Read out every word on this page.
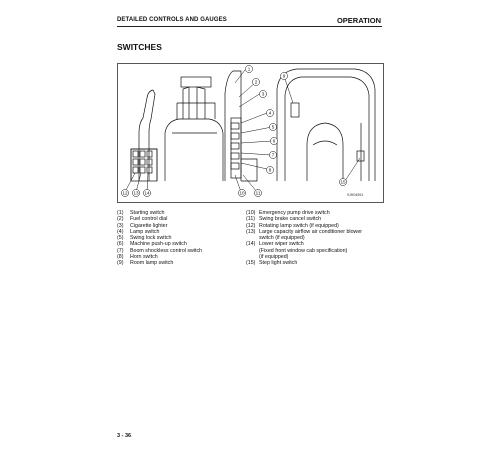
DETAILED CONTROLS AND GAUGES	OPERATION
SWITCHES
1
2
3
4
5
6
7
8
9
10 11
12 13 14
15
9JH04551
(1)	Starting switch
(2)	Fuel control dial
(3)	Cigarette lighter
(4)	Lamp switch
(5)	Swing lock switch
(6)	Machine push-up switch
(7)	Boom shockless control switch
(8)	Horn switch
(9)	Room lamp switch
(10) Emergency pump drive switch
(11) Swing brake cancel switch
(12) Rotating lamp switch (if equipped)
(13) Large capacity airflow air conditioner blower
switch (if equipped)
(14) Lower wiper switch
(Fixed front window cab specification)
(if equipped)
(15) Step light switch
3 - 36
